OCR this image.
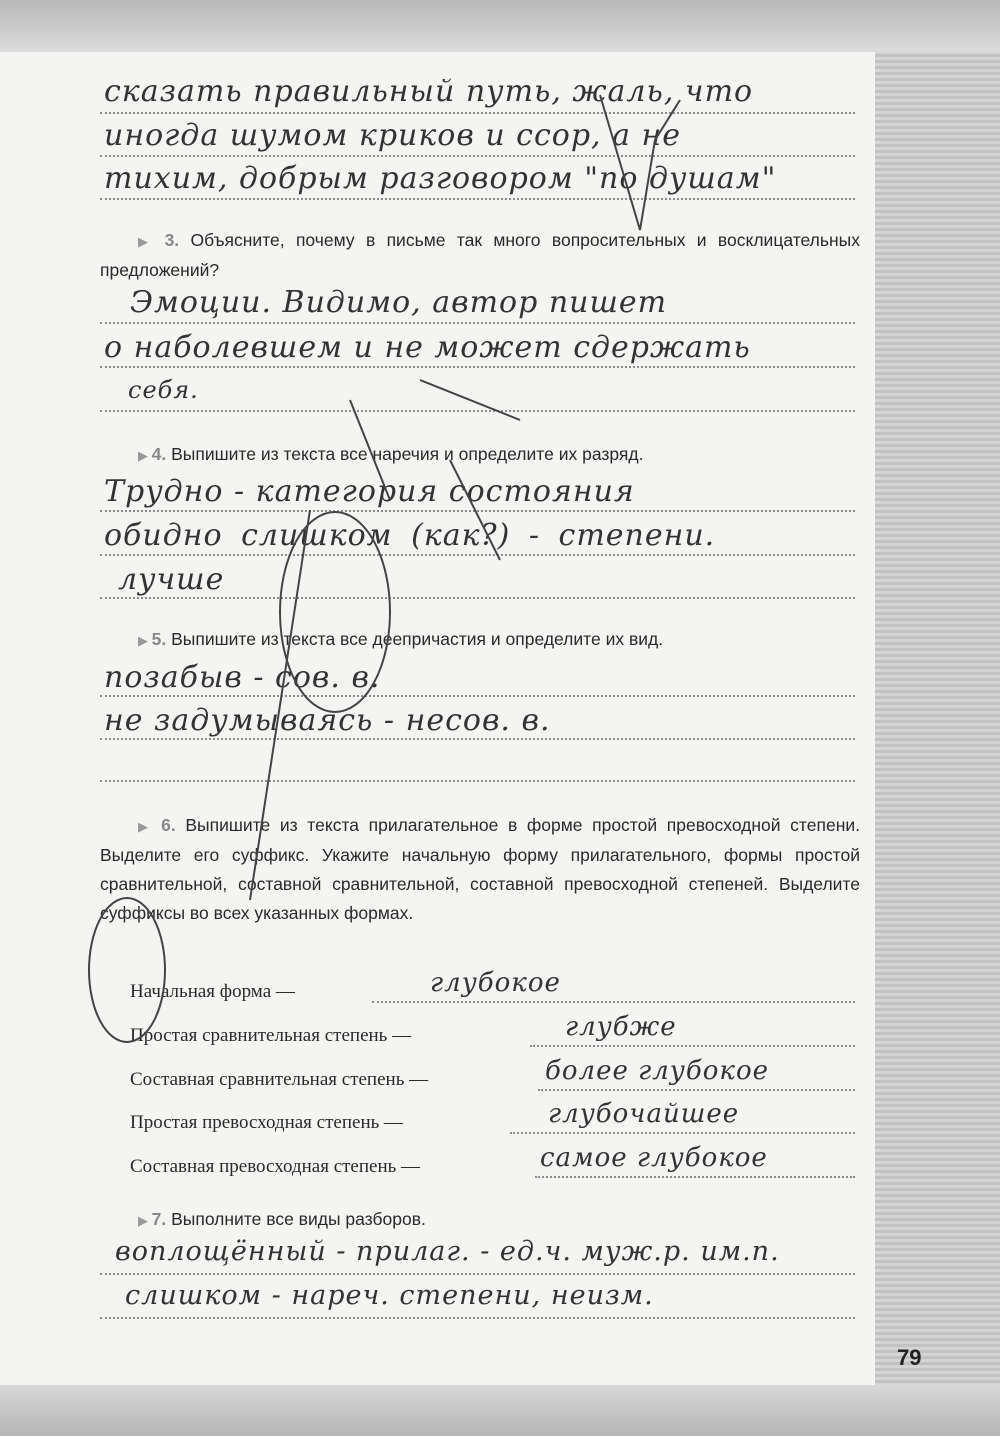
сказать правильный путь, жаль, что
иногда шумом криков и ссор, а не
тихим, добрым разговором "по душам"
▶ 3. Объясните, почему в письме так много вопросительных и восклицательных предложений?
Эмоции. Видимо, автор пишет
о наболевшем и не может сдержать
себя.
▶ 4. Выпишите из текста все наречия и определите их разряд.
Трудно - категория состояния
обидно слишком (как?) - степени.
лучше
▶ 5. Выпишите из текста все деепричастия и определите их вид.
позабыв - сов. в.
не задумываясь - несов. в.
▶ 6. Выпишите из текста прилагательное в форме простой превосходной степени. Выделите его суффикс. Укажите начальную форму прилагательного, формы простой сравнительной, составной сравнительной, составной превосходной степеней. Выделите суффиксы во всех указанных формах.
Начальная форма —	глубокое
Простая сравнительная степень —	глубже
Составная сравнительная степень —	более глубокое
Простая превосходная степень —	глубочайшее
Составная превосходная степень —	самое глубокое
▶ 7. Выполните все виды разборов.
воплощённый - прилаг. - ед.ч. муж.р. им.п.
слишком - нареч. степени, неизм.
79
